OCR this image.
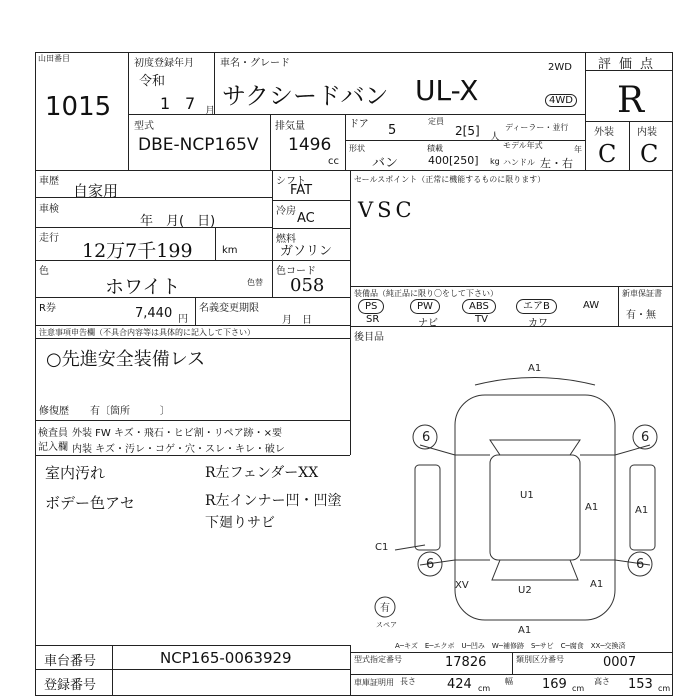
山田番目
1015
初度登録年月
令和
1 7 月
車名・グレード
サクシードバン UL-X
2WD
4WD
評価点
R
外装 内装
C C
型式
DBE-NCP165V
排気量
1496
cc
ドア 5
定員
2[5] 人
ディーラー・並行
形状
バン
積載
400[250] kg ハンドル 左・右
モデル年式	年
車歴
自家用
車検
年　月(　日)
走行
12万7千199	km
シフト
FAT
冷房 AC
燃料
ガソリン
色
ホワイト	色替
色コード
058
R券	7,440 円
名義変更期限
月　日
注意事項申告欄（不具合内容等は具体的に記入して下さい）
○先進安全装備レス
修復歴 有〔箇所　　　〕
セールスポイント（正常に機能するものに限ります）
VSC
装備品（純正品に限り〇をして下さい）	新車保証書
有・無
PS	PW	ABS	エアB	AW
SR	ナビ	TV	カワ
後目品
検査員
記入欄
外装 FW キズ・飛石・ヒビ割・リペア跡・×要
内装 キズ・汚レ・コゲ・穴・スレ・キレ・破レ
室内汚れ
ボデー色アセ
R左フェンダーXX
R左インナー凹・凹塗
下廻りサビ
A1
6	6
U1
A1	A1
C1
6	6
XV	U2
A1
A1
有
スペア
A─キズ　E─エクボ　U─凹み　W─補修跡　S─サビ　C─腐食　XX─交換済
車台番号	NCP165-0063929
登録番号
型式指定番号	17826	類別区分番号	0007
車庫証明用 長さ 424 cm
幅 169 cm
高さ 153 cm
